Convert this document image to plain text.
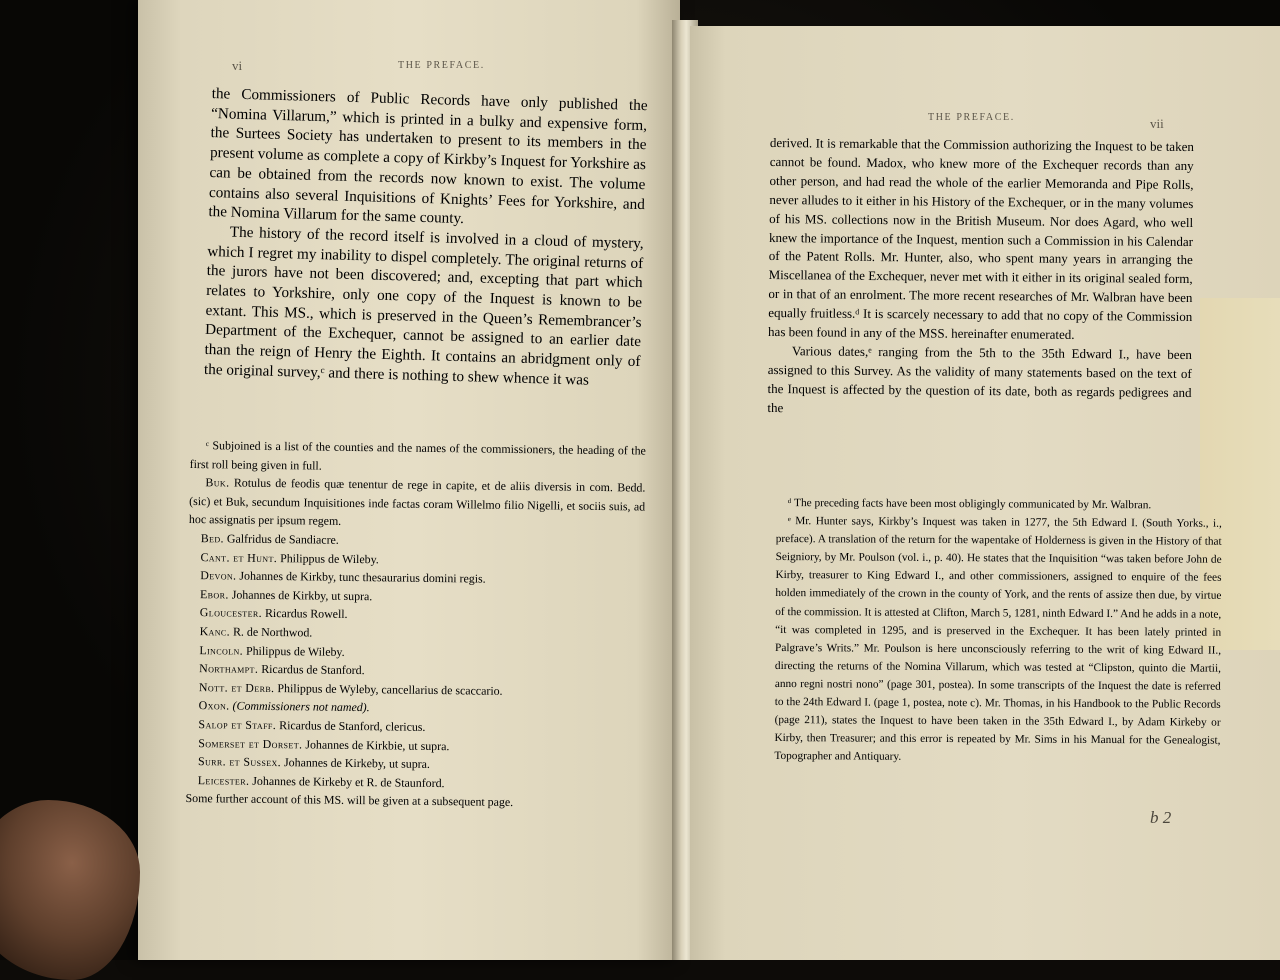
vi	THE PREFACE.

the Commissioners of Public Records have only published the “Nomina Villarum,” which is printed in a bulky and expensive form, the Surtees Society has undertaken to present to its members in the present volume as complete a copy of Kirkby’s Inquest for Yorkshire as can be obtained from the records now known to exist. The volume contains also several Inquisitions of Knights’ Fees for Yorkshire, and the Nomina Villarum for the same county.

The history of the record itself is involved in a cloud of mystery, which I regret my inability to dispel completely. The original returns of the jurors have not been discovered; and, excepting that part which relates to Yorkshire, only one copy of the Inquest is known to be extant. This MS., which is preserved in the Queen’s Remembrancer’s Department of the Exchequer, cannot be assigned to an earlier date than the reign of Henry the Eighth. It contains an abridgment only of the original survey,ᶜ and there is nothing to shew whence it was

ᶜ Subjoined is a list of the counties and the names of the commissioners, the heading of the first roll being given in full.

Buk. Rotulus de feodis quæ tenentur de rege in capite, et de aliis diversis in com. Bedd. (sic) et Buk, secundum Inquisitiones inde factas coram Willelmo filio Nigelli, et sociis suis, ad hoc assignatis per ipsum regem.

Bed. Galfridus de Sandiacre.
Cant. et Hunt. Philippus de Wileby.
Devon. Johannes de Kirkby, tunc thesaurarius domini regis.
Ebor. Johannes de Kirkby, ut supra.
Gloucester. Ricardus Rowell.
Kanc. R. de Northwod.
Lincoln. Philippus de Wileby.
Northampt. Ricardus de Stanford.
Nott. et Derb. Philippus de Wyleby, cancellarius de scaccario.
Oxon. (Commissioners not named).
Salop et Staff. Ricardus de Stanford, clericus.
Somerset et Dorset. Johannes de Kirkbie, ut supra.
Surr. et Sussex. Johannes de Kirkeby, ut supra.
Leicester. Johannes de Kirkeby et R. de Staunford.

Some further account of this MS. will be given at a subsequent page.

THE PREFACE.	vii

derived. It is remarkable that the Commission authorizing the Inquest to be taken cannot be found. Madox, who knew more of the Exchequer records than any other person, and had read the whole of the earlier Memoranda and Pipe Rolls, never alludes to it either in his History of the Exchequer, or in the many volumes of his MS. collections now in the British Museum. Nor does Agard, who well knew the importance of the Inquest, mention such a Commission in his Calendar of the Patent Rolls. Mr. Hunter, also, who spent many years in arranging the Miscellanea of the Exchequer, never met with it either in its original sealed form, or in that of an enrolment. The more recent researches of Mr. Walbran have been equally fruitless.ᵈ It is scarcely necessary to add that no copy of the Commission has been found in any of the MSS. hereinafter enumerated.

Various dates,ᵉ ranging from the 5th to the 35th Edward I., have been assigned to this Survey. As the validity of many statements based on the text of the Inquest is affected by the question of its date, both as regards pedigrees and the

ᵈ The preceding facts have been most obligingly communicated by Mr. Walbran.

ᵉ Mr. Hunter says, Kirkby’s Inquest was taken in 1277, the 5th Edward I. (South Yorks., i., preface). A translation of the return for the wapentake of Holderness is given in the History of that Seigniory, by Mr. Poulson (vol. i., p. 40). He states that the Inquisition “was taken before John de Kirby, treasurer to King Edward I., and other commissioners, assigned to enquire of the fees holden immediately of the crown in the county of York, and the rents of assize then due, by virtue of the commission. It is attested at Clifton, March 5, 1281, ninth Edward I.” And he adds in a note, “it was completed in 1295, and is preserved in the Exchequer. It has been lately printed in Palgrave’s Writs.” Mr. Poulson is here unconsciously referring to the writ of king Edward II., directing the returns of the Nomina Villarum, which was tested at “Clipston, quinto die Martii, anno regni nostri nono” (page 301, postea). In some transcripts of the Inquest the date is referred to the 24th Edward I. (page 1, postea, note c). Mr. Thomas, in his Handbook to the Public Records (page 211), states the Inquest to have been taken in the 35th Edward I., by Adam Kirkeby or Kirby, then Treasurer; and this error is repeated by Mr. Sims in his Manual for the Genealogist, Topographer and Antiquary.

b 2
